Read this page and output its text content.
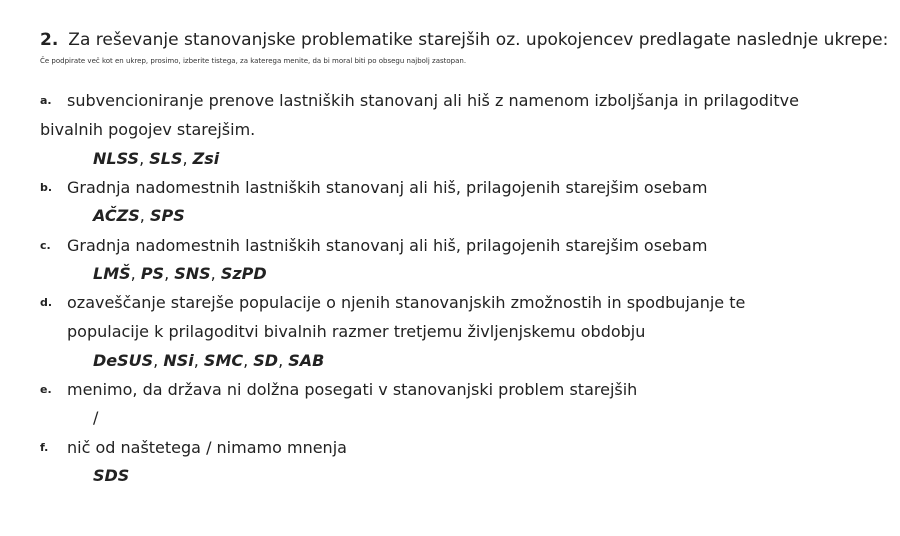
2. Za reševanje stanovanjske problematike starejših oz. upokojencev predlagate naslednje ukrepe:
Če podpirate več kot en ukrep, prosimo, izberite tistega, za katerega menite, da bi moral biti po obsegu najbolj zastopan.
a. subvencioniranje prenove lastniških stanovanj ali hiš z namenom izboljšanja in prilagoditve
bivalnih pogojev starejšim.
NLSS, SLS, Zsi
b. Gradnja nadomestnih lastniških stanovanj ali hiš, prilagojenih starejšim osebam
AČZS, SPS
c. Gradnja nadomestnih lastniških stanovanj ali hiš, prilagojenih starejšim osebam
LMŠ, PS, SNS, SzPD
d. ozaveščanje starejše populacije o njenih stanovanjskih zmožnostih in spodbujanje te
populacije k prilagoditvi bivalnih razmer tretjemu življenjskemu obdobju
DeSUS, NSi, SMC, SD, SAB
e. menimo, da država ni dolžna posegati v stanovanjski problem starejših
/
f. nič od naštetega / nimamo mnenja
SDS
